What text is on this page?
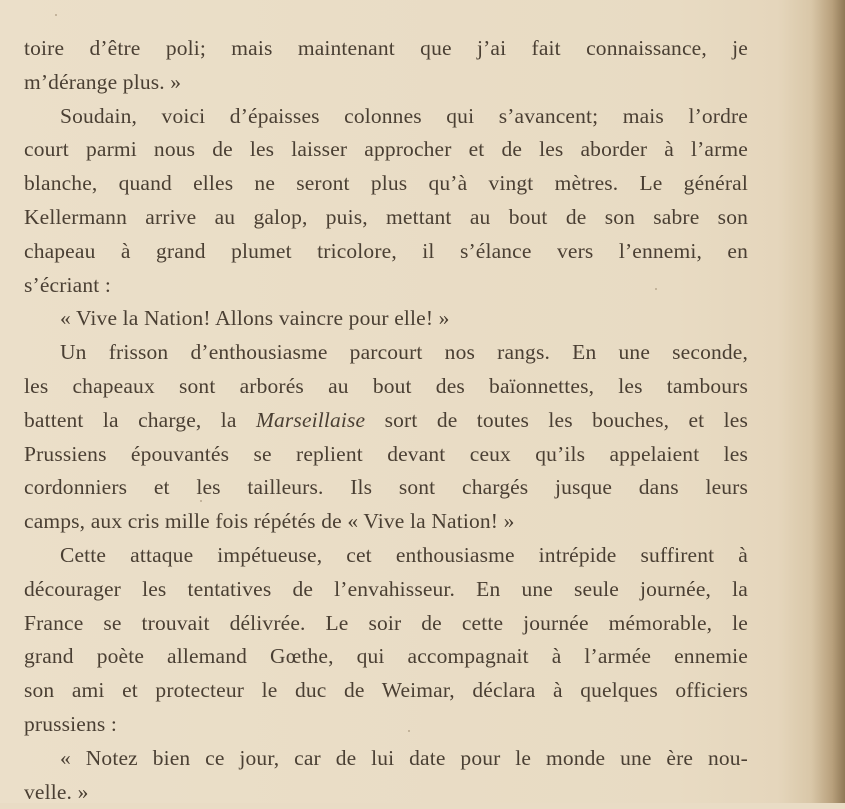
toire d’être poli; mais maintenant que j’ai fait connaissance, je
m’dérange plus. »
Soudain, voici d’épaisses colonnes qui s’avancent; mais l’ordre
court parmi nous de les laisser approcher et de les aborder à l’arme
blanche, quand elles ne seront plus qu’à vingt mètres. Le général
Kellermann arrive au galop, puis, mettant au bout de son sabre son
chapeau à grand plumet tricolore, il s’élance vers l’ennemi, en
s’écriant :
« Vive la Nation! Allons vaincre pour elle! »
Un frisson d’enthousiasme parcourt nos rangs. En une seconde,
les chapeaux sont arborés au bout des baïonnettes, les tambours
battent la charge, la Marseillaise sort de toutes les bouches, et les
Prussiens épouvantés se replient devant ceux qu’ils appelaient les
cordonniers et les tailleurs. Ils sont chargés jusque dans leurs
camps, aux cris mille fois répétés de « Vive la Nation! »
Cette attaque impétueuse, cet enthousiasme intrépide suffirent à
décourager les tentatives de l’envahisseur. En une seule journée, la
France se trouvait délivrée. Le soir de cette journée mémorable, le
grand poète allemand Gœthe, qui accompagnait à l’armée ennemie
son ami et protecteur le duc de Weimar, déclara à quelques officiers
prussiens :
« Notez bien ce jour, car de lui date pour le monde une ère nou-
velle. »
